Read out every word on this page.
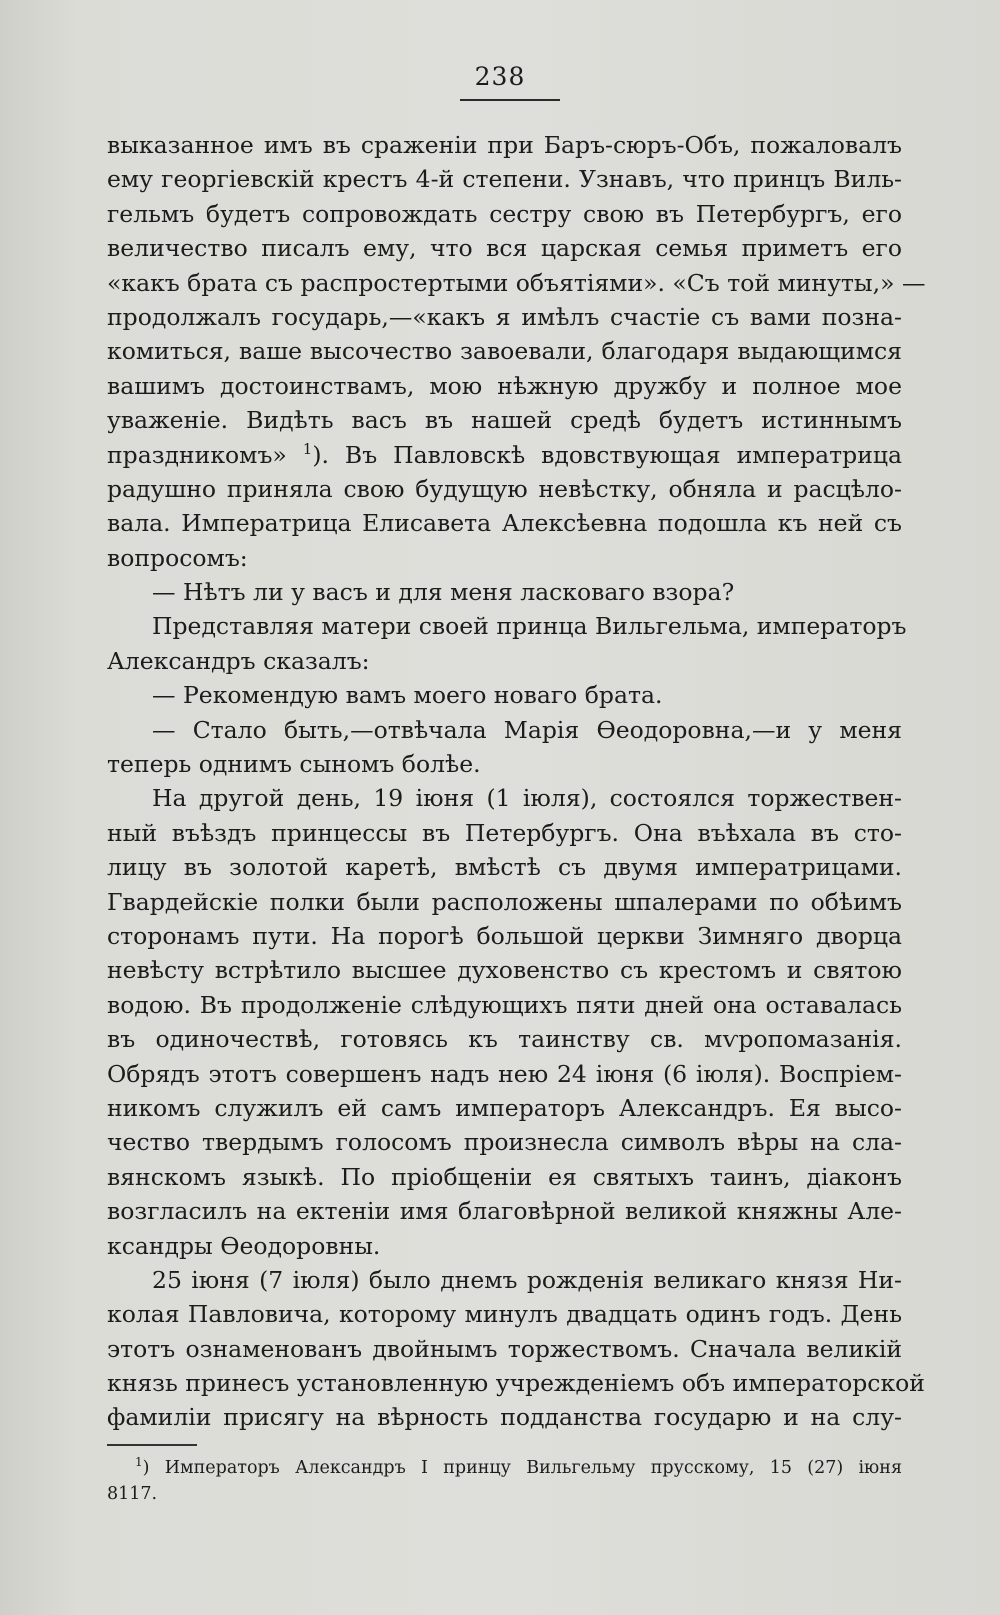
238
выказанное имъ въ сраженіи при Баръ-сюръ-Объ, пожаловалъ
ему георгіевскій крестъ 4-й степени. Узнавъ, что принцъ Виль-
гельмъ будетъ сопровождать сестру свою въ Петербургъ, его
величество писалъ ему, что вся царская семья приметъ его
«какъ брата съ распростертыми объятіями». «Съ той минуты,» —
продолжалъ государь,—«какъ я имѣлъ счастіе съ вами позна-
комиться, ваше высочество завоевали, благодаря выдающимся
вашимъ достоинствамъ, мою нѣжную дружбу и полное мое
уваженіе. Видѣть васъ въ нашей средѣ будетъ истиннымъ
праздникомъ» $^1$). Въ Павловскѣ вдовствующая императрица
радушно приняла свою будущую невѣстку, обняла и расцѣло-
вала. Императрица Елисавета Алексѣевна подошла къ ней съ
вопросомъ:
— Нѣтъ ли у васъ и для меня ласковаго взора?
Представляя матери своей принца Вильгельма, императоръ
Александръ сказалъ:
— Рекомендую вамъ моего новаго брата.
— Стало быть,—отвѣчала Марія Ѳеодоровна,—и у меня
теперь однимъ сыномъ болѣе.
На другой день, 19 іюня (1 іюля), состоялся торжествен-
ный въѣздъ принцессы въ Петербургъ. Она въѣхала въ сто-
лицу въ золотой каретѣ, вмѣстѣ съ двумя императрицами.
Гвардейскіе полки были расположены шпалерами по обѣимъ
сторонамъ пути. На порогѣ большой церкви Зимняго дворца
невѣсту встрѣтило высшее духовенство съ крестомъ и святою
водою. Въ продолженіе слѣдующихъ пяти дней она оставалась
въ одиночествѣ, готовясь къ таинству св. мѵропомазанія.
Обрядъ этотъ совершенъ надъ нею 24 іюня (6 іюля). Воспріем-
никомъ служилъ ей самъ императоръ Александръ. Ея высо-
чество твердымъ голосомъ произнесла символъ вѣры на сла-
вянскомъ языкѣ. По пріобщеніи ея святыхъ таинъ, діаконъ
возгласилъ на ектеніи имя благовѣрной великой княжны Але-
ксандры Ѳеодоровны.
25 іюня (7 іюля) было днемъ рожденія великаго князя Ни-
колая Павловича, которому минулъ двадцать одинъ годъ. День
этотъ ознаменованъ двойнымъ торжествомъ. Сначала великій
князь принесъ установленную учрежденіемъ объ императорской
фамиліи присягу на вѣрность подданства государю и на слу-
$^1$) Императоръ Александръ I принцу Вильгельму прусскому, 15 (27) іюня
8117.
